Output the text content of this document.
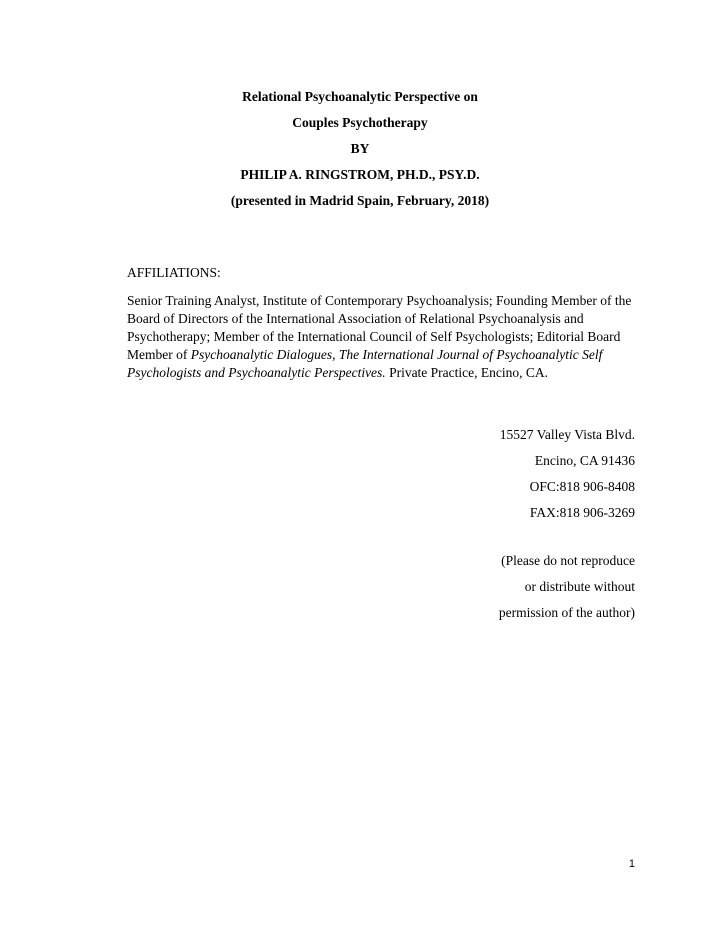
Relational Psychoanalytic Perspective on
Couples Psychotherapy
BY
PHILIP A. RINGSTROM, PH.D., PSY.D.
(presented in Madrid Spain, February, 2018)

AFFILIATIONS:

Senior Training Analyst, Institute of Contemporary Psychoanalysis; Founding Member of the Board of Directors of the International Association of Relational Psychoanalysis and Psychotherapy; Member of the International Council of Self Psychologists; Editorial Board Member of Psychoanalytic Dialogues, The International Journal of Psychoanalytic Self Psychologists and Psychoanalytic Perspectives. Private Practice, Encino, CA.

15527 Valley Vista Blvd.
Encino, CA 91436
OFC:818 906-8408
FAX:818 906-3269
(Please do not reproduce
or distribute without
permission of the author)
1
